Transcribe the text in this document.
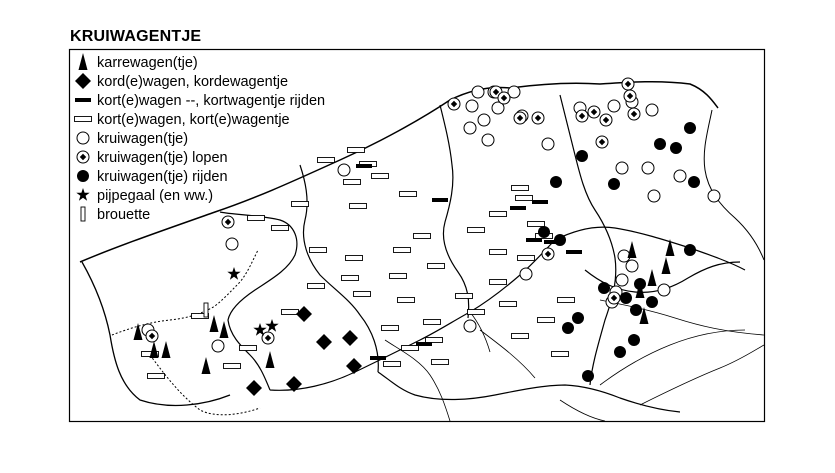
KRUIWAGENTJE
karrewagen(tje)
kord(e)wagen, kordewagentje
kort(e)wagen --, kortwagentje rijden
kort(e)wagen, kort(e)wagentje
kruiwagen(tje)
kruiwagen(tje) lopen
kruiwagen(tje) rijden
pijpegaal (en ww.)
brouette
